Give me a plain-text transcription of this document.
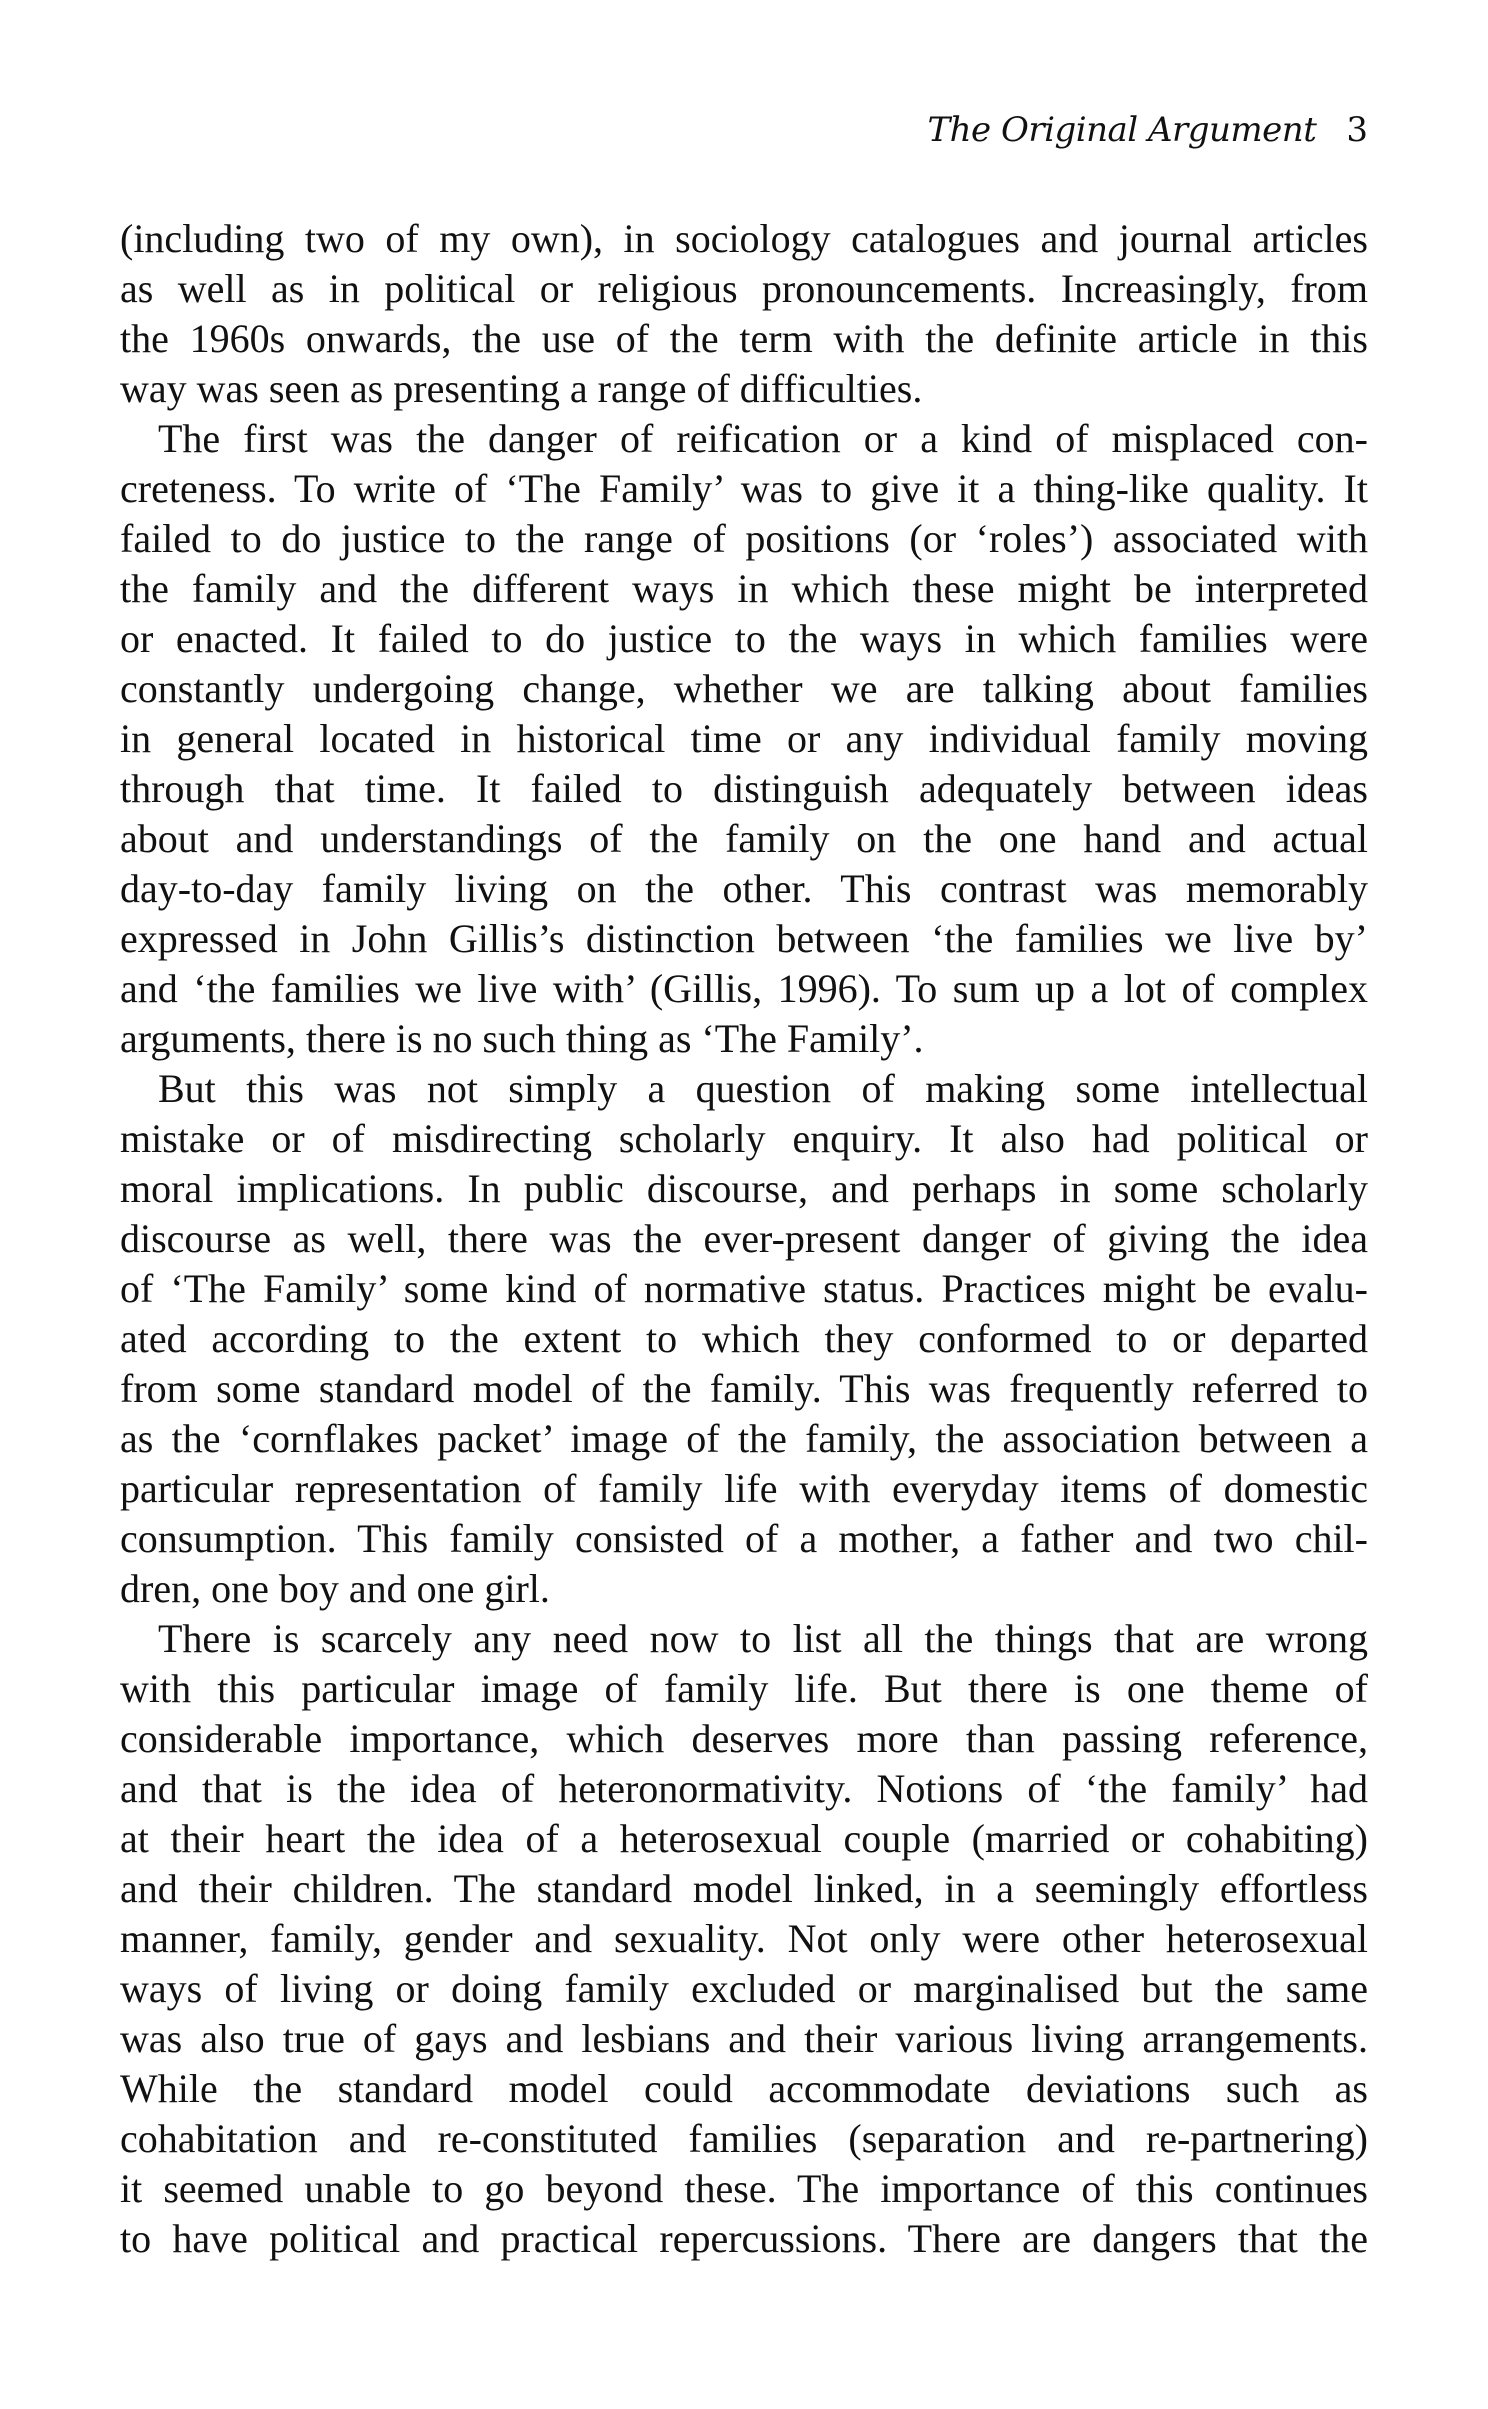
The Original Argument 3
(including two of my own), in sociology catalogues and journal articles
as well as in political or religious pronouncements. Increasingly, from
the 1960s onwards, the use of the term with the definite article in this
way was seen as presenting a range of difficulties.
The first was the danger of reification or a kind of misplaced con-
creteness. To write of ‘The Family’ was to give it a thing-like quality. It
failed to do justice to the range of positions (or ‘roles’) associated with
the family and the different ways in which these might be interpreted
or enacted. It failed to do justice to the ways in which families were
constantly undergoing change, whether we are talking about families
in general located in historical time or any individual family moving
through that time. It failed to distinguish adequately between ideas
about and understandings of the family on the one hand and actual
day-to-day family living on the other. This contrast was memorably
expressed in John Gillis’s distinction between ‘the families we live by’
and ‘the families we live with’ (Gillis, 1996). To sum up a lot of complex
arguments, there is no such thing as ‘The Family’.
But this was not simply a question of making some intellectual
mistake or of misdirecting scholarly enquiry. It also had political or
moral implications. In public discourse, and perhaps in some scholarly
discourse as well, there was the ever-present danger of giving the idea
of ‘The Family’ some kind of normative status. Practices might be evalu-
ated according to the extent to which they conformed to or departed
from some standard model of the family. This was frequently referred to
as the ‘cornflakes packet’ image of the family, the association between a
particular representation of family life with everyday items of domestic
consumption. This family consisted of a mother, a father and two chil-
dren, one boy and one girl.
There is scarcely any need now to list all the things that are wrong
with this particular image of family life. But there is one theme of
considerable importance, which deserves more than passing reference,
and that is the idea of heteronormativity. Notions of ‘the family’ had
at their heart the idea of a heterosexual couple (married or cohabiting)
and their children. The standard model linked, in a seemingly effortless
manner, family, gender and sexuality. Not only were other heterosexual
ways of living or doing family excluded or marginalised but the same
was also true of gays and lesbians and their various living arrangements.
While the standard model could accommodate deviations such as
cohabitation and re-constituted families (separation and re-partnering)
it seemed unable to go beyond these. The importance of this continues
to have political and practical repercussions. There are dangers that the
